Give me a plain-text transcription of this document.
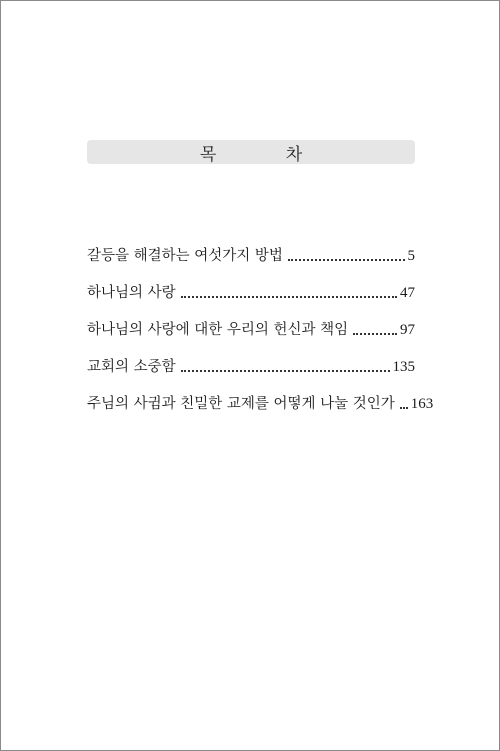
목 차
갈등을 해결하는 여섯가지 방법	5
하나님의 사랑	47
하나님의 사랑에 대한 우리의 헌신과 책임	97
교회의 소중함	135
주님의 사귐과 친밀한 교제를 어떻게 나눌 것인가 163
